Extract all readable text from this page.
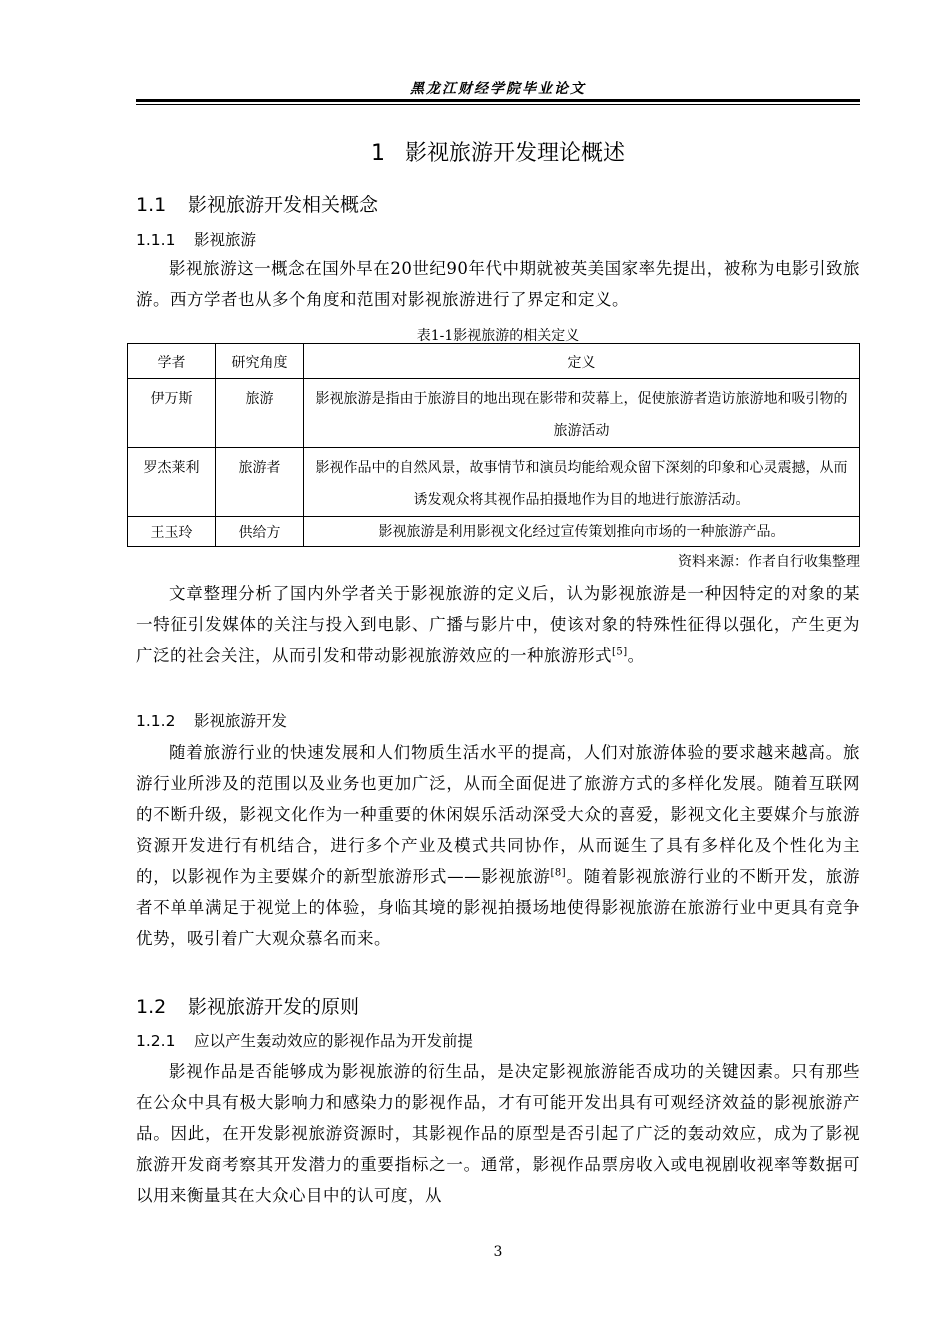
黑龙江财经学院毕业论文
1 影视旅游开发理论概述
1.1 影视旅游开发相关概念
1.1.1 影视旅游
影视旅游这一概念在国外早在20世纪90年代中期就被英美国家率先提出，被称为电影引致旅游。西方学者也从多个角度和范围对影视旅游进行了界定和定义。
表1-1影视旅游的相关定义
学者	研究角度	定义
伊万斯	旅游	影视旅游是指由于旅游目的地出现在影带和荧幕上，促使旅游者造访旅游地和吸引物的旅游活动
罗杰莱利	旅游者	影视作品中的自然风景，故事情节和演员均能给观众留下深刻的印象和心灵震撼，从而诱发观众将其视作品拍摄地作为目的地进行旅游活动。
王玉玲	供给方	影视旅游是利用影视文化经过宣传策划推向市场的一种旅游产品。
资料来源：作者自行收集整理
文章整理分析了国内外学者关于影视旅游的定义后，认为影视旅游是一种因特定的对象的某一特征引发媒体的关注与投入到电影、广播与影片中，使该对象的特殊性征得以强化，产生更为广泛的社会关注，从而引发和带动影视旅游效应的一种旅游形式[5]。
1.1.2 影视旅游开发
随着旅游行业的快速发展和人们物质生活水平的提高，人们对旅游体验的要求越来越高。旅游行业所涉及的范围以及业务也更加广泛，从而全面促进了旅游方式的多样化发展。随着互联网的不断升级，影视文化作为一种重要的休闲娱乐活动深受大众的喜爱，影视文化主要媒介与旅游资源开发进行有机结合，进行多个产业及模式共同协作，从而诞生了具有多样化及个性化为主的，以影视作为主要媒介的新型旅游形式——影视旅游[8]。随着影视旅游行业的不断开发，旅游者不单单满足于视觉上的体验，身临其境的影视拍摄场地使得影视旅游在旅游行业中更具有竞争优势，吸引着广大观众慕名而来。
1.2 影视旅游开发的原则
1.2.1 应以产生轰动效应的影视作品为开发前提
影视作品是否能够成为影视旅游的衍生品，是决定影视旅游能否成功的关键因素。只有那些在公众中具有极大影响力和感染力的影视作品，才有可能开发出具有可观经济效益的影视旅游产品。因此，在开发影视旅游资源时，其影视作品的原型是否引起了广泛的轰动效应，成为了影视旅游开发商考察其开发潜力的重要指标之一。通常，影视作品票房收入或电视剧收视率等数据可以用来衡量其在大众心目中的认可度，从
3
